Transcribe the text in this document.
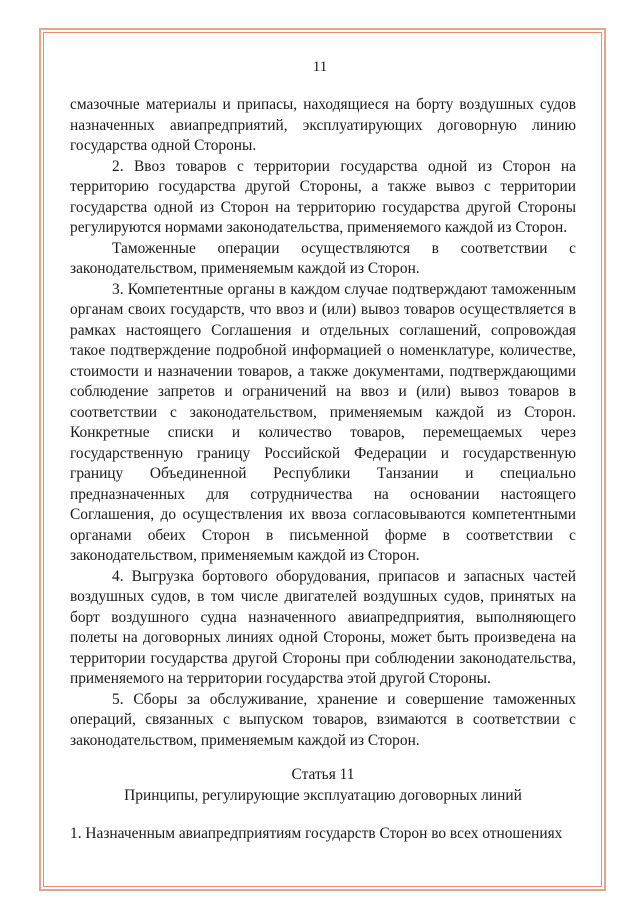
11

смазочные материалы и припасы, находящиеся на борту воздушных судов назначенных авиапредприятий, эксплуатирующих договорную линию государства одной Стороны.

2. Ввоз товаров с территории государства одной из Сторон на территорию государства другой Стороны, а также вывоз с территории государства одной из Сторон на территорию государства другой Стороны регулируются нормами законодательства, применяемого каждой из Сторон.

Таможенные операции осуществляются в соответствии с законодательством, применяемым каждой из Сторон.

3. Компетентные органы в каждом случае подтверждают таможенным органам своих государств, что ввоз и (или) вывоз товаров осуществляется в рамках настоящего Соглашения и отдельных соглашений, сопровождая такое подтверждение подробной информацией о номенклатуре, количестве, стоимости и назначении товаров, а также документами, подтверждающими соблюдение запретов и ограничений на ввоз и (или) вывоз товаров в соответствии с законодательством, применяемым каждой из Сторон. Конкретные списки и количество товаров, перемещаемых через государственную границу Российской Федерации и государственную границу Объединенной Республики Танзании и специально предназначенных для сотрудничества на основании настоящего Соглашения, до осуществления их ввоза согласовываются компетентными органами обеих Сторон в письменной форме в соответствии с законодательством, применяемым каждой из Сторон.

4. Выгрузка бортового оборудования, припасов и запасных частей воздушных судов, в том числе двигателей воздушных судов, принятых на борт воздушного судна назначенного авиапредприятия, выполняющего полеты на договорных линиях одной Стороны, может быть произведена на территории государства другой Стороны при соблюдении законодательства, применяемого на территории государства этой другой Стороны.

5. Сборы за обслуживание, хранение и совершение таможенных операций, связанных с выпуском товаров, взимаются в соответствии с законодательством, применяемым каждой из Сторон.

Статья 11

Принципы, регулирующие эксплуатацию договорных линий

1. Назначенным авиапредприятиям государств Сторон во всех отношениях
